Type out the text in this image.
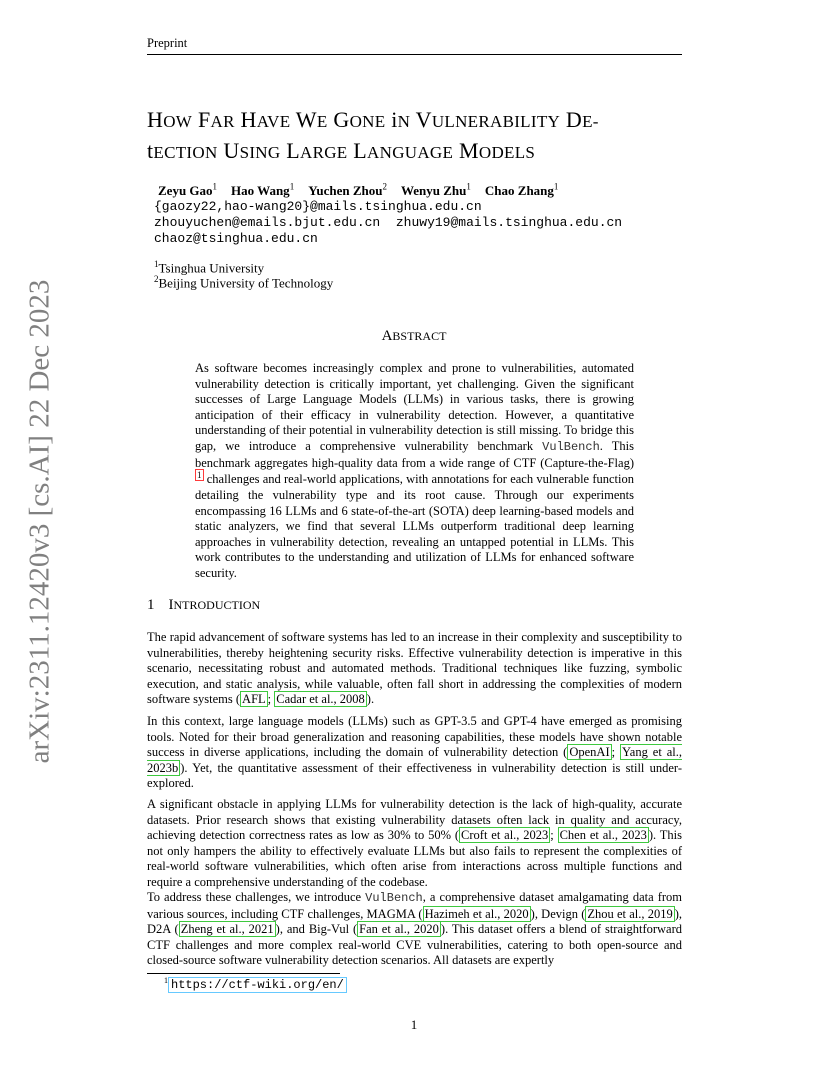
Preprint
arXiv:2311.12420v3 [cs.AI] 22 Dec 2023
HOW FAR HAVE WE GONE iN VULNERABILITY DE-
tECTION USING LARGE LANGUAGE MODELS
Zeyu Gao$^1$ Hao Wang$^1$ Yuchen Zhou$^2$ Wenyu Zhu$^1$ Chao Zhang$^1$
{gaozy22,hao-wang20}@mails.tsinghua.edu.cn
zhouyuchen@emails.bjut.edu.cn zhuwy19@mails.tsinghua.edu.cn
chaoz@tsinghua.edu.cn
$^1$Tsinghua University
$^2$Beijing University of Technology
ABSTRACT
As software becomes increasingly complex and prone to vulnerabilities, automated vulnerability detection is critically important, yet challenging. Given the significant successes of Large Language Models (LLMs) in various tasks, there is growing anticipation of their efficacy in vulnerability detection. However, a quantitative understanding of their potential in vulnerability detection is still missing. To bridge this gap, we introduce a comprehensive vulnerability benchmark VulBench. This benchmark aggregates high-quality data from a wide range of CTF (Capture-the-Flag) $^1$ challenges and real-world applications, with annotations for each vulnerable function detailing the vulnerability type and its root cause. Through our experiments encompassing 16 LLMs and 6 state-of-the-art (SOTA) deep learning-based models and static analyzers, we find that several LLMs outperform traditional deep learning approaches in vulnerability detection, revealing an untapped potential in LLMs. This work contributes to the understanding and utilization of LLMs for enhanced software security.
1 INTRODUCTION

The rapid advancement of software systems has led to an increase in their complexity and susceptibility to vulnerabilities, thereby heightening security risks. Effective vulnerability detection is imperative in this scenario, necessitating robust and automated methods. Traditional techniques like fuzzing, symbolic execution, and static analysis, while valuable, often fall short in addressing the complexities of modern software systems ( AFL ; Cadar et al., 2008 ).

In this context, large language models (LLMs) such as GPT-3.5 and GPT-4 have emerged as promising tools. Noted for their broad generalization and reasoning capabilities, these models have shown notable success in diverse applications, including the domain of vulnerability detection ( OpenAI ; Yang et al., 2023b ). Yet, the quantitative assessment of their effectiveness in vulnerability detection is still under-explored.

A significant obstacle in applying LLMs for vulnerability detection is the lack of high-quality, accurate datasets. Prior research shows that existing vulnerability datasets often lack in quality and accuracy, achieving detection correctness rates as low as 30% to 50% ( Croft et al., 2023 ; Chen et al., 2023 ). This not only hampers the ability to effectively evaluate LLMs but also fails to represent the complexities of real-world software vulnerabilities, which often arise from interactions across multiple functions and require a comprehensive understanding of the codebase.

To address these challenges, we introduce VulBench, a comprehensive dataset amalgamating data from various sources, including CTF challenges, MAGMA ( Hazimeh et al., 2020 ), Devign ( Zhou et al., 2019 ), D2A ( Zheng et al., 2021 ), and Big-Vul ( Fan et al., 2020 ). This dataset offers a blend of straightforward CTF challenges and more complex real-world CVE vulnerabilities, catering to both open-source and closed-source software vulnerability detection scenarios. All datasets are expertly

$^1$ https://ctf-wiki.org/en/
1
